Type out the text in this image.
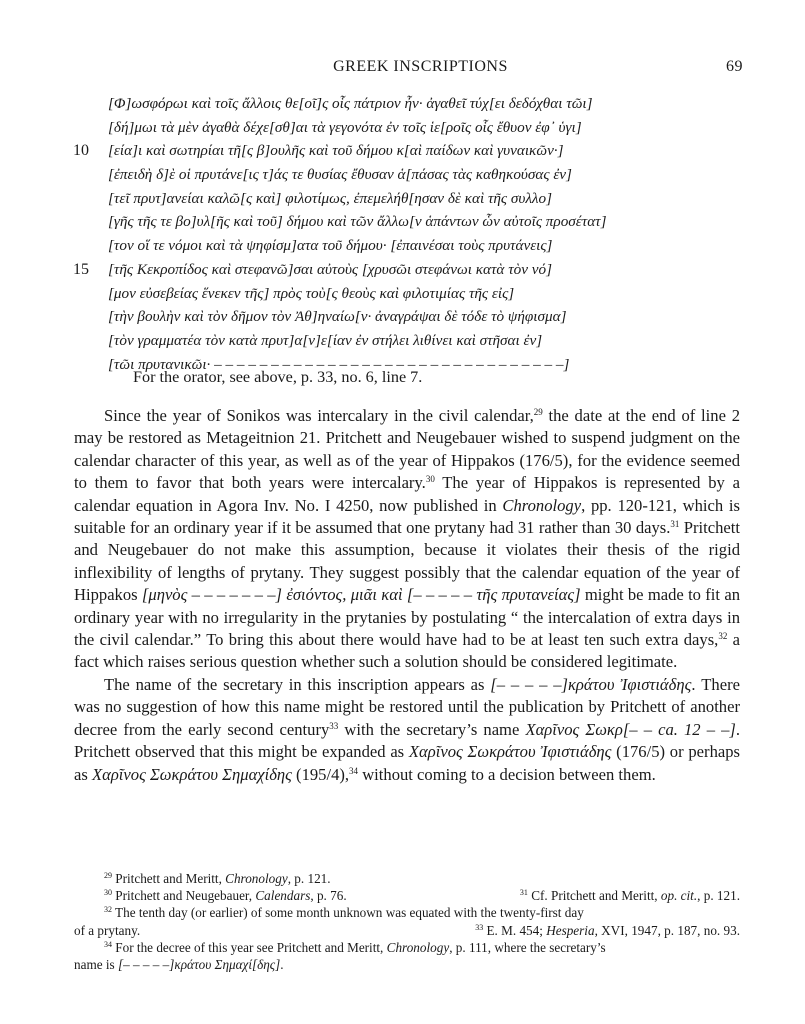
GREEK INSCRIPTIONS	69
[Φ]ωσφόρωι καὶ τοῖς ἄλλοις θε[οῖ]ς οἷς πάτριον ἦν· ἀγαθεῖ τύχ[ει δεδόχθαι τῶι]
[δή]μωι τὰ μὲν ἀγαθὰ δέχε[σθ]αι τὰ γεγονότα ἐν τοῖς ἱε[ροῖς οἷς ἔθυον ἐφ᾽ ὑγι]
10 [εία]ι καὶ σωτηρίαι τῆ[ς β]ουλῆς καὶ τοῦ δήμου κ[αὶ παίδων καὶ γυναικῶν·]
[ἐπειδὴ δ]ὲ οἱ πρυτάνε[ις τ]άς τε θυσίας ἔθυσαν ἁ[πάσας τὰς καθηκούσας ἐν]
[τεῖ πρυτ]ανείαι καλῶ[ς καὶ] φιλοτίμως, ἐπεμελήθ[ησαν δὲ καὶ τῆς συλλο]
[γῆς τῆς τε βο]υλ[ῆς καὶ τοῦ] δήμου καὶ τῶν ἄλλω[ν ἁπάντων ὧν αὐτοῖς προσέτατ]
[τον οἵ τε νόμοι καὶ τὰ ψηφίσμ]ατα τοῦ δήμου· [ἐπαινέσαι τοὺς πρυτάνεις]
15 [τῆς Κεκροπίδος καὶ στεφανῶ]σαι αὐτοὺς [χρυσῶι στεφάνωι κατὰ τὸν νό]
[μον εὐσεβείας ἕνεκεν τῆς] πρὸς τοὺ[ς θεοὺς καὶ φιλοτιμίας τῆς εἰς]
[τὴν βουλὴν καὶ τὸν δῆμον τὸν Ἀθ]ηναίω[ν· ἀναγράψαι δὲ τόδε τὸ ψήφισμα]
[τὸν γραμματέα τὸν κατὰ πρυτ]α[ν]ε[ίαν ἐν στήλει λιθίνει καὶ στῆσαι ἐν]
[τῶι πρυτανικῶι· – – – – – – – – – – – – – – – – – – – – – – – – – – – – – – –]
For the orator, see above, p. 33, no. 6, line 7.

Since the year of Sonikos was intercalary in the civil calendar,$^{29}$ the date at the end of line 2 may be restored as Metageitnion 21. Pritchett and Neugebauer wished to suspend judgment on the calendar character of this year, as well as of the year of Hippakos (176/5), for the evidence seemed to them to favor that both years were intercalary.$^{30}$ The year of Hippakos is represented by a calendar equation in Agora Inv. No. I 4250, now published in Chronology, pp. 120-121, which is suitable for an ordinary year if it be assumed that one prytany had 31 rather than 30 days.$^{31}$ Pritchett and Neugebauer do not make this assumption, because it violates their thesis of the rigid inflexibility of lengths of prytany. They suggest possibly that the calendar equation of the year of Hippakos [μηνὸς – – – – – – –] ἐσιόντος, μιᾶι καὶ [– – – – – τῆς πρυτανείας] might be made to fit an ordinary year with no irregularity in the prytanies by postulating “ the intercalation of extra days in the civil calendar.” To bring this about there would have had to be at least ten such extra days,$^{32}$ a fact which raises serious question whether such a solution should be considered legitimate.

The name of the secretary in this inscription appears as [– – – – –]κράτου Ἰφιστιάδης. There was no suggestion of how this name might be restored until the publication by Pritchett of another decree from the early second century$^{33}$ with the secretary’s name Χαρῖνος Σωκρ[– – ca. 12 – –]. Pritchett observed that this might be expanded as Χαρῖνος Σωκράτου Ἰφιστιάδης (176/5) or perhaps as Χαρῖνος Σωκράτου Σημαχίδης (195/4),$^{34}$ without coming to a decision between them.

$^{29}$ Pritchett and Meritt, Chronology, p. 121.
$^{30}$ Pritchett and Neugebauer, Calendars, p. 76.	$^{31}$ Cf. Pritchett and Meritt, op. cit., p. 121.
$^{32}$ The tenth day (or earlier) of some month unknown was equated with the twenty-first day
of a prytany.	$^{33}$ E. M. 454; Hesperia, XVI, 1947, p. 187, no. 93.
$^{34}$ For the decree of this year see Pritchett and Meritt, Chronology, p. 111, where the secretary’s
name is [– – – – –]κράτου Σημαχί[δης].
